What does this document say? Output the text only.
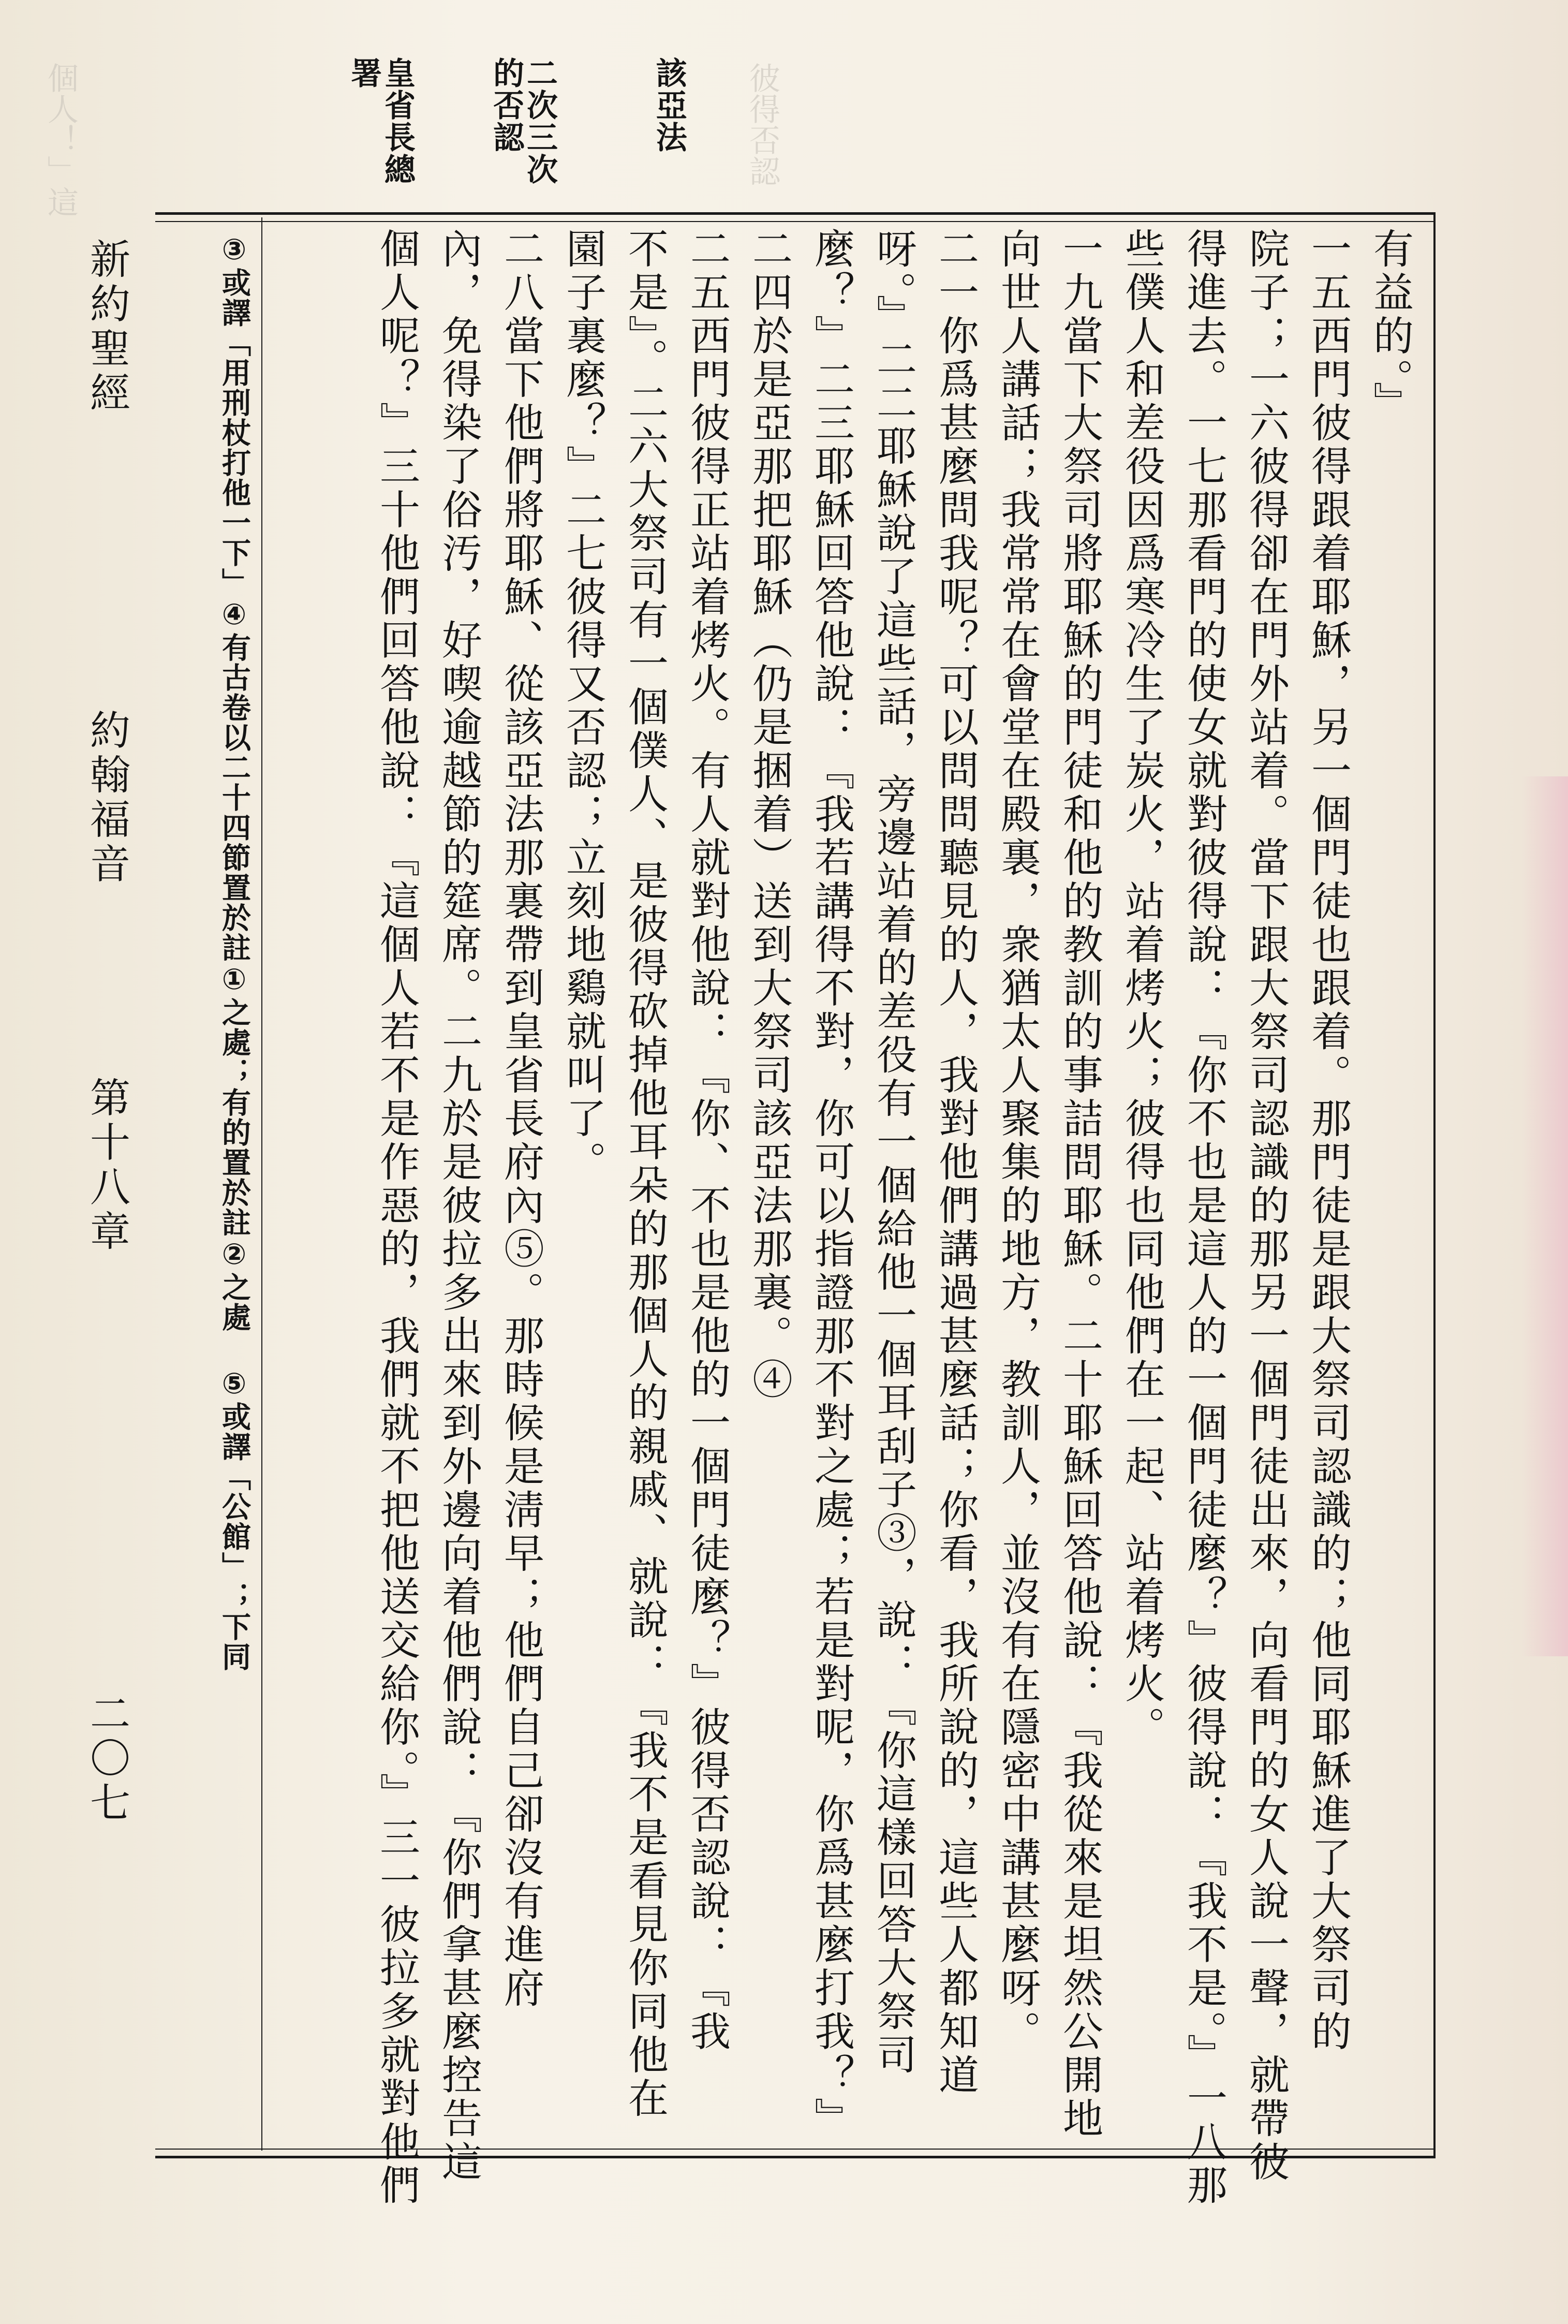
個人！」這	彼得否認
該亞法
二次三次 的否認
皇省長總 署
新約聖經
約翰福音
第十八章
二〇七
有益的。』
一五西門彼得跟着耶穌，另一個門徒也跟着。那門徒是跟大祭司認識的；他同耶穌進了大祭司的
院子；一六彼得卻在門外站着。當下跟大祭司認識的那另一個門徒出來，向看門的女人說一聲，就帶彼
得進去。一七那看門的使女就對彼得說：『你不也是這人的一個門徒麼？』彼得說：『我不是。』一八那
些僕人和差役因爲寒冷生了炭火，站着烤火；彼得也同他們在一起、站着烤火。
一九當下大祭司將耶穌的門徒和他的教訓的事詰問耶穌。二十耶穌回答他說：『我從來是坦然公開地
向世人講話；我常常在會堂在殿裏，衆猶太人聚集的地方，教訓人，並沒有在隱密中講甚麼呀。
二一你爲甚麼問我呢？可以問問聽見的人，我對他們講過甚麼話；你看，我所說的，這些人都知道
呀。』二二耶穌說了這些話，旁邊站着的差役有一個給他一個耳刮子③，說：『你這樣回答大祭司
麼？』二三耶穌回答他說：『我若講得不對，你可以指證那不對之處；若是對呢，你爲甚麼打我？』
二四於是亞那把耶穌（仍是捆着）送到大祭司該亞法那裏。④
二五西門彼得正站着烤火。有人就對他說：『你、不也是他的一個門徒麼？』彼得否認說：『我
不是』。二六大祭司有一個僕人、是彼得砍掉他耳朵的那個人的親戚、就說：『我不是看見你同他在
園子裏麼？』二七彼得又否認；立刻地鷄就叫了。
二八當下他們將耶穌、從該亞法那裏帶到皇省長府內⑤。那時候是淸早；他們自己卻沒有進府
內，免得染了俗汚，好喫逾越節的筵席。二九於是彼拉多出來到外邊向着他們說：『你們拿甚麼控告這
個人呢？』三十他們回答他說：『這個人若不是作惡的，我們就不把他送交給你。』三一彼拉多就對他們
③或譯「用刑杖打他一下」④有古卷以二十四節置於註①之處；有的置於註②之處 ⑤或譯「公館」；下同
